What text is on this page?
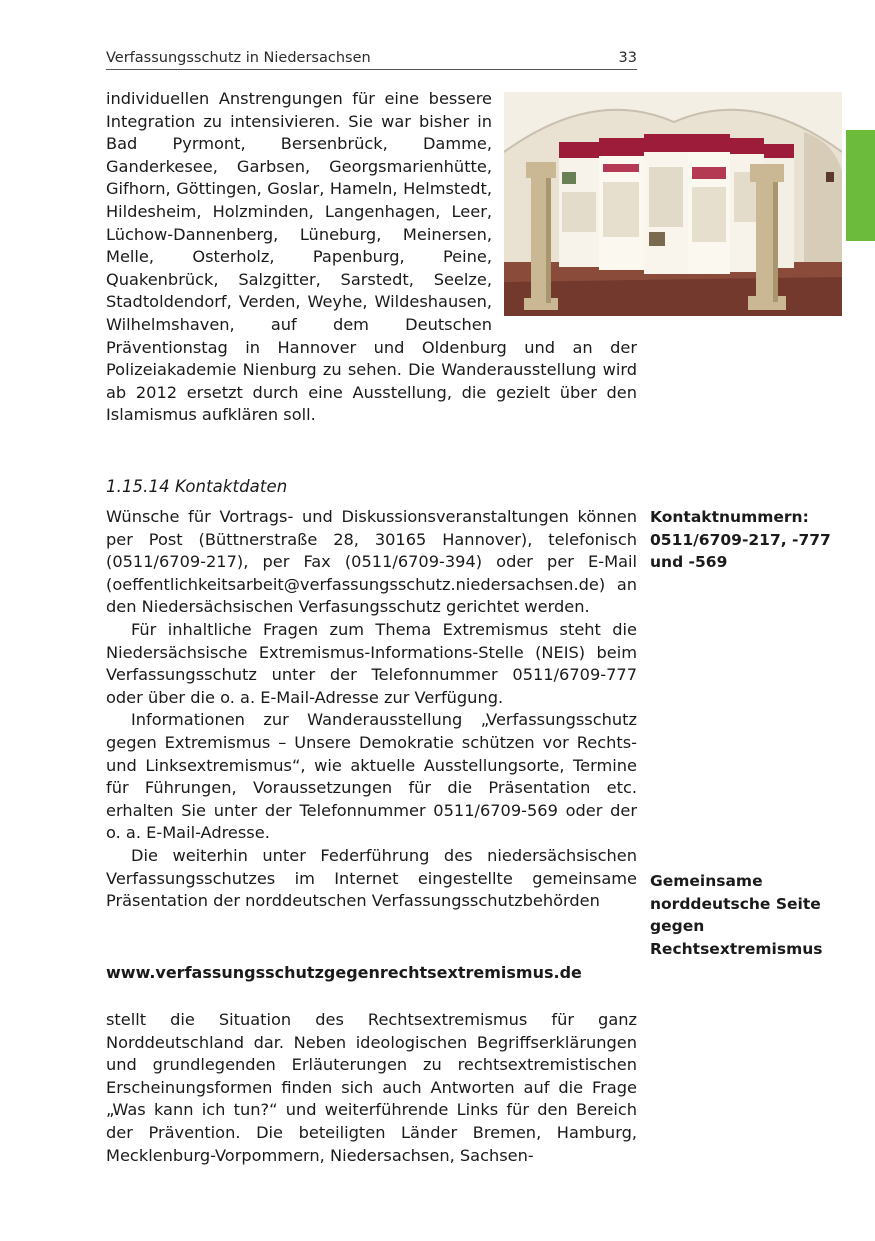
Verfassungsschutz in Niedersachsen	33

individuellen Anstrengungen für eine bessere Integration zu intensivieren. Sie war bisher in Bad Pyrmont, Bersenbrück, Damme, Ganderkesee, Garbsen, Georgsmarienhütte, Gifhorn, Göttingen, Goslar, Hameln, Helmstedt, Hildesheim, Holzminden, Langenhagen, Leer, Lüchow-Dannenberg, Lüneburg, Meinersen, Melle, Osterholz, Papenburg, Peine, Quakenbrück, Salzgitter, Sarstedt, Seelze, Stadtoldendorf, Verden, Weyhe, Wildeshausen, Wilhelmshaven, auf dem Deutschen Präventionstag in Hannover und Oldenburg und an der Polizeiakademie Nienburg zu sehen. Die Wanderausstellung wird ab 2012 ersetzt durch eine Ausstellung, die gezielt über den Islamismus aufklären soll.

1.15.14 Kontaktdaten

Wünsche für Vortrags- und Diskussionsveranstaltungen können per Post (Büttnerstraße 28, 30165 Hannover), telefonisch (0511/6709-217), per Fax (0511/6709-394) oder per E-Mail (oeffentlichkeitsarbeit@verfassungsschutz.niedersachsen.de) an den Niedersächsischen Verfasungsschutz gerichtet werden.

Für inhaltliche Fragen zum Thema Extremismus steht die Niedersächsische Extremismus-Informations-Stelle (NEIS) beim Verfassungsschutz unter der Telefonnummer 0511/6709-777 oder über die o. a. E-Mail-Adresse zur Verfügung.

Informationen zur Wanderausstellung „Verfassungsschutz gegen Extremismus – Unsere Demokratie schützen vor Rechts- und Linksextremismus“, wie aktuelle Ausstellungsorte, Termine für Führungen, Voraussetzungen für die Präsentation etc. erhalten Sie unter der Telefonnummer 0511/6709-569 oder der o. a. E-Mail-Adresse.

Die weiterhin unter Federführung des niedersächsischen Verfassungsschutzes im Internet eingestellte gemeinsame Präsentation der norddeutschen Verfassungsschutzbehörden

Kontaktnummern: 0511/6709-217, -777 und -569
Gemeinsame norddeutsche Seite gegen Rechtsextremismus
www.verfassungsschutzgegenrechtsextremismus.de

stellt die Situation des Rechtsextremismus für ganz Norddeutschland dar. Neben ideologischen Begriffserklärungen und grundlegenden Erläuterungen zu rechtsextremistischen Erscheinungsformen finden sich auch Antworten auf die Frage „Was kann ich tun?“ und weiterführende Links für den Bereich der Prävention. Die beteiligten Länder Bremen, Hamburg, Mecklenburg-Vorpommern, Niedersachsen, Sachsen-
